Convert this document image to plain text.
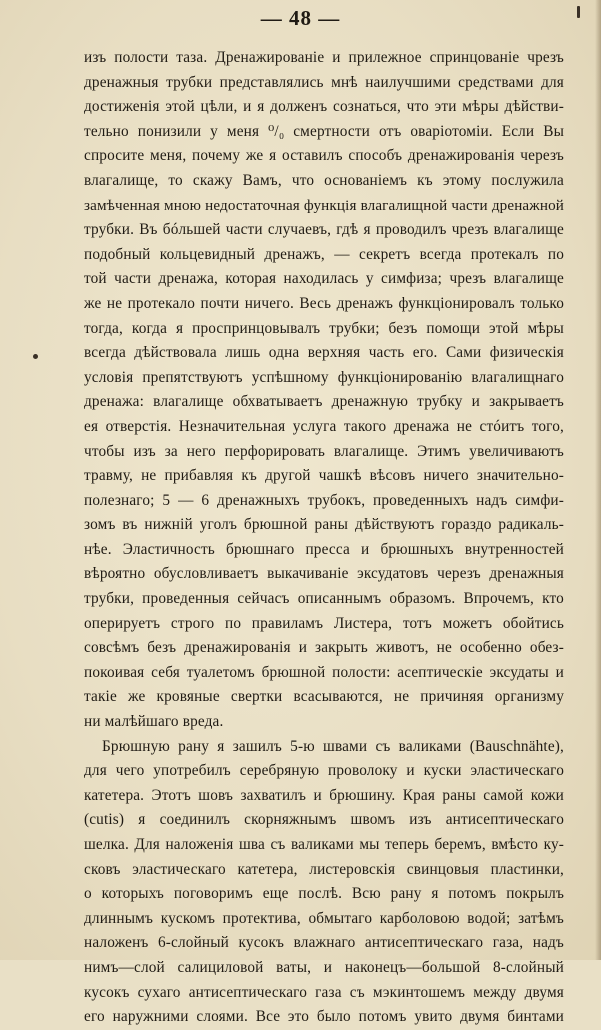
— 48 —
изъ полости таза. Дренажированіе и прилежное спринцованіе чрезъ
дренажныя трубки представлялись мнѣ наилучшими средствами для
достиженія этой цѣли, и я долженъ сознаться, что эти мѣры дѣйстви-
тельно понизили у меня ⁰/₀ смертности отъ оваріотоміи. Если Вы
спросите меня, почему же я оставилъ способъ дренажированія черезъ
влагалище, то скажу Вамъ, что основаніемъ къ этому послужила
замѣченная мною недостаточная функція влагалищной части дренажной
трубки. Въ бóльшей части случаевъ, гдѣ я проводилъ чрезъ влагалище
подобный кольцевидный дренажъ, — секретъ всегда протекалъ по
той части дренажа, которая находилась у симфиза; чрезъ влагалище
же не протекало почти ничего. Весь дренажъ функціонировалъ только
тогда, когда я проспринцовывалъ трубки; безъ помощи этой мѣры
всегда дѣйствовала лишь одна верхняя часть его. Сами физическія
условія препятствуютъ успѣшному функціонированію влагалищнаго
дренажа: влагалище обхватываетъ дренажную трубку и закрываетъ
ея отверстія. Незначительная услуга такого дренажа не стóитъ того,
чтобы изъ за него перфорировать влагалище. Этимъ увеличиваютъ
травму, не прибавляя къ другой чашкѣ вѣсовъ ничего значительно-
полезнаго; 5 — 6 дренажныхъ трубокъ, проведенныхъ надъ симфи-
зомъ въ нижній уголъ брюшной раны дѣйствуютъ гораздо радикаль-
нѣе. Эластичность брюшнаго пресса и брюшныхъ внутренностей
вѣроятно обусловливаетъ выкачиваніе эксудатовъ черезъ дренажныя
трубки, проведенныя сейчасъ описаннымъ образомъ. Впрочемъ, кто
оперируетъ строго по правиламъ Листера, тотъ можетъ обойтись
совсѣмъ безъ дренажированія и закрыть животъ, не особенно обез-
покоивая себя туалетомъ брюшной полости: асептическіе эксудаты и
такіе же кровяные свертки всасываются, не причиняя организму
ни малѣйшаго вреда.
Брюшную рану я зашилъ 5-ю швами съ валиками (Bauschnähte),
для чего употребилъ серебряную проволоку и куски эластическаго
катетера. Этотъ шовъ захватилъ и брюшину. Края раны самой кожи
(cutis) я соединилъ скорняжнымъ швомъ изъ антисептическаго
шелка. Для наложенія шва съ валиками мы теперь беремъ, вмѣсто ку-
сковъ эластическаго катетера, листеровскія свинцовыя пластинки,
о которыхъ поговоримъ еще послѣ. Всю рану я потомъ покрылъ
длиннымъ кускомъ протектива, обмытаго карболовою водой; затѣмъ
наложенъ 6-слойный кусокъ влажнаго антисептическаго газа, надъ
нимъ—слой салициловой ваты, и наконецъ—большой 8-слойный
кусокъ сухаго антисептическаго газа съ мэкинтошемъ между двумя
его наружними слоями. Все это было потомъ увито двумя бинтами
